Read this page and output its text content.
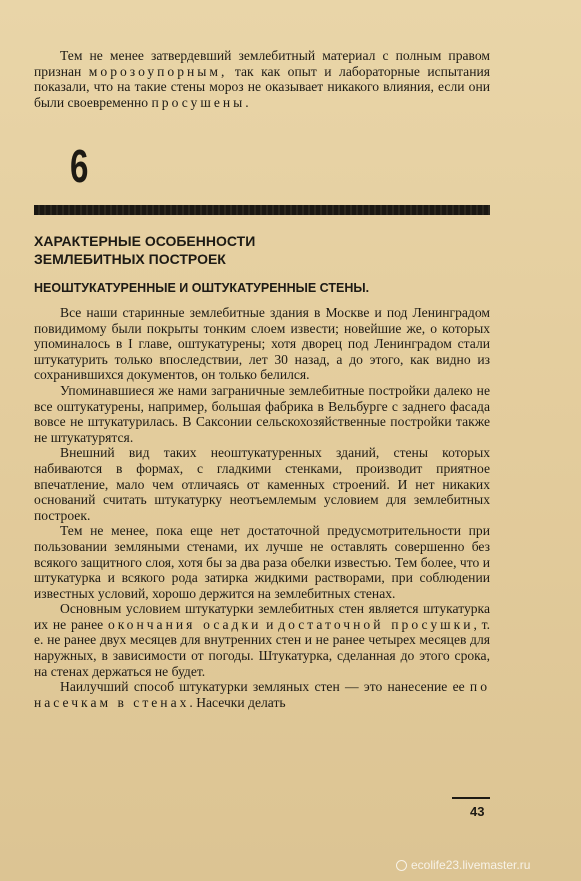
Тем не менее затвердевший землебитный материал с полным правом признан морозоупорным, так как опыт и лабораторные испытания показали, что на такие стены мороз не оказывает никакого влияния, если они были своевременно просушены.

6
ХАРАКТЕРНЫЕ ОСОБЕННОСТИ
ЗЕМЛЕБИТНЫХ ПОСТРОЕК
НЕОШТУКАТУРЕННЫЕ И ОШТУКАТУРЕННЫЕ СТЕНЫ.

Все наши старинные землебитные здания в Москве и под Ленинградом повидимому были покрыты тонким слоем извести; новейшие же, о которых упоминалось в I главе, оштукатурены; хотя дворец под Ленинградом стали штукатурить только впоследствии, лет 30 назад, а до этого, как видно из сохранившихся документов, он только белился.

Упоминавшиеся же нами заграничные землебитные постройки далеко не все оштукатурены, например, большая фабрика в Вельбурге с заднего фасада вовсе не штукатурилась. В Саксонии сельскохозяйственные постройки также не штукатурятся.

Внешний вид таких неоштукатуренных зданий, стены которых набиваются в формах, с гладкими стенками, производит приятное впечатление, мало чем отличаясь от каменных строений. И нет никаких оснований считать штукатурку неотъемлемым условием для землебитных построек.

Тем не менее, пока еще нет достаточной предусмотрительности при пользовании земляными стенами, их лучше не оставлять совершенно без всякого защитного слоя, хотя бы за два раза обелки известью. Тем более, что и штукатурка и всякого рода затирка жидкими растворами, при соблюдении известных условий, хорошо держится на землебитных стенах.

Основным условием штукатурки землебитных стен является штукатурка их не ранее окончания осадки и достаточной просушки, т. е. не ранее двух месяцев для внутренних стен и не ранее четырех месяцев для наружных, в зависимости от погоды. Штукатурка, сделанная до этого срока, на стенах держаться не будет.

Наилучший способ штукатурки земляных стен — это нанесение ее по насечкам в стенах. Насечки делать

43
ecolife23.livemaster.ru
